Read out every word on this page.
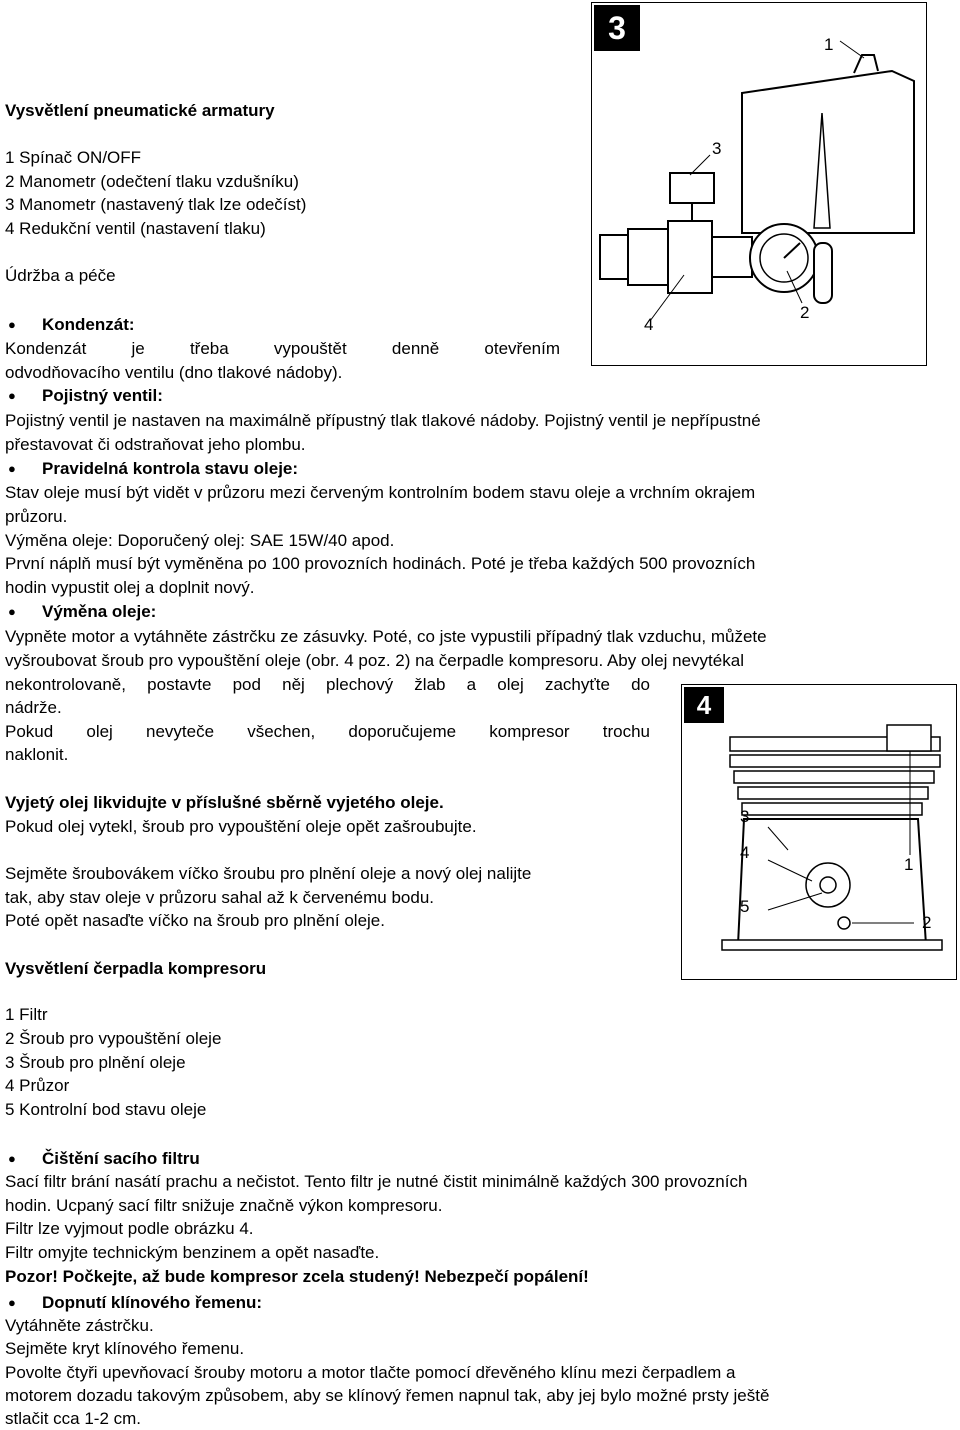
3	1
3
4
2
4
3
4
1
5
2
Vysvětlení pneumatické armatury
1 Spínač ON/OFF
2 Manometr (odečtení tlaku vzdušníku)
3 Manometr (nastavený tlak lze odečíst)
4 Redukční ventil (nastavení tlaku)
Údržba a péče
● Kondenzát:
Kondenzát je třeba vypouštět denně otevřením
odvodňovacího ventilu (dno tlakové nádoby).
● Pojistný ventil:
Pojistný ventil je nastaven na maximálně přípustný tlak tlakové nádoby. Pojistný ventil je nepřípustné
přestavovat či odstraňovat jeho plombu.
● Pravidelná kontrola stavu oleje:
Stav oleje musí být vidět v průzoru mezi červeným kontrolním bodem stavu oleje a vrchním okrajem
průzoru.
Výměna oleje: Doporučený olej: SAE 15W/40 apod.
První náplň musí být vyměněna po 100 provozních hodinách. Poté je třeba každých 500 provozních
hodin vypustit olej a doplnit nový.
● Výměna oleje:
Vypněte motor a vytáhněte zástrčku ze zásuvky. Poté, co jste vypustili případný tlak vzduchu, můžete
vyšroubovat šroub pro vypouštění oleje (obr. 4 poz. 2) na čerpadle kompresoru. Aby olej nevytékal
nekontrolovaně, postavte pod něj plechový žlab a olej zachyťte do
nádrže.
Pokud olej nevyteče všechen, doporučujeme kompresor trochu
naklonit.
Vyjetý olej likvidujte v příslušné sběrně vyjetého oleje.
Pokud olej vytekl, šroub pro vypouštění oleje opět zašroubujte.
Sejměte šroubovákem víčko šroubu pro plnění oleje a nový olej nalijte
tak, aby stav oleje v průzoru sahal až k červenému bodu.
Poté opět nasaďte víčko na šroub pro plnění oleje.
Vysvětlení čerpadla kompresoru
1 Filtr
2 Šroub pro vypouštění oleje
3 Šroub pro plnění oleje
4 Průzor
5 Kontrolní bod stavu oleje
● Čištění sacího filtru
Sací filtr brání nasátí prachu a nečistot. Tento filtr je nutné čistit minimálně každých 300 provozních
hodin. Ucpaný sací filtr snižuje značně výkon kompresoru.
Filtr lze vyjmout podle obrázku 4.
Filtr omyjte technickým benzinem a opět nasaďte.
Pozor! Počkejte, až bude kompresor zcela studený! Nebezpečí popálení!
● Dopnutí klínového řemenu:
Vytáhněte zástrčku.
Sejměte kryt klínového řemenu.
Povolte čtyři upevňovací šrouby motoru a motor tlačte pomocí dřevěného klínu mezi čerpadlem a
motorem dozadu takovým způsobem, aby se klínový řemen napnul tak, aby jej bylo možné prsty ještě
stlačit cca 1-2 cm.
